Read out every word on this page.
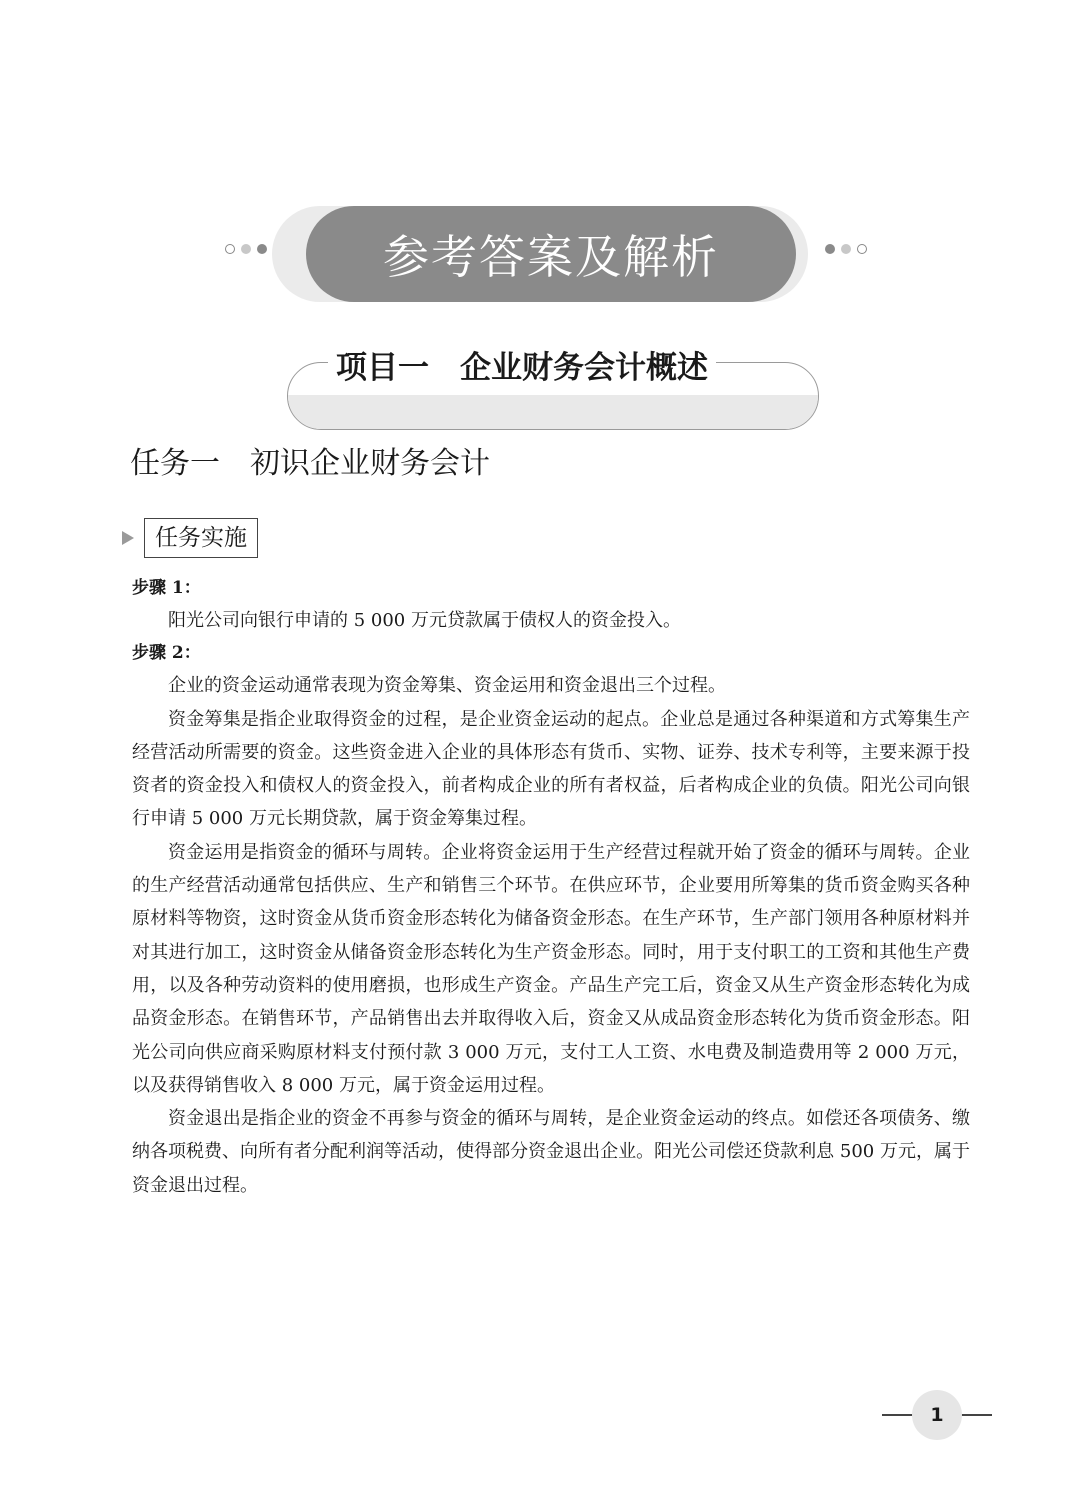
参考答案及解析
项目一　企业财务会计概述
任务一　初识企业财务会计
任务实施
步骤 1：

阳光公司向银行申请的 5 000 万元贷款属于债权人的资金投入。

步骤 2：

企业的资金运动通常表现为资金筹集、资金运用和资金退出三个过程。

资金筹集是指企业取得资金的过程，是企业资金运动的起点。企业总是通过各种渠道和方式筹集生产经营活动所需要的资金。这些资金进入企业的具体形态有货币、实物、证券、技术专利等，主要来源于投资者的资金投入和债权人的资金投入，前者构成企业的所有者权益，后者构成企业的负债。阳光公司向银行申请 5 000 万元长期贷款，属于资金筹集过程。

资金运用是指资金的循环与周转。企业将资金运用于生产经营过程就开始了资金的循环与周转。企业的生产经营活动通常包括供应、生产和销售三个环节。在供应环节，企业要用所筹集的货币资金购买各种原材料等物资，这时资金从货币资金形态转化为储备资金形态。在生产环节，生产部门领用各种原材料并对其进行加工，这时资金从储备资金形态转化为生产资金形态。同时，用于支付职工的工资和其他生产费用，以及各种劳动资料的使用磨损，也形成生产资金。产品生产完工后，资金又从生产资金形态转化为成品资金形态。在销售环节，产品销售出去并取得收入后，资金又从成品资金形态转化为货币资金形态。阳光公司向供应商采购原材料支付预付款 3 000 万元，支付工人工资、水电费及制造费用等 2 000 万元，以及获得销售收入 8 000 万元，属于资金运用过程。

资金退出是指企业的资金不再参与资金的循环与周转，是企业资金运动的终点。如偿还各项债务、缴纳各项税费、向所有者分配利润等活动，使得部分资金退出企业。阳光公司偿还贷款利息 500 万元，属于资金退出过程。

1
